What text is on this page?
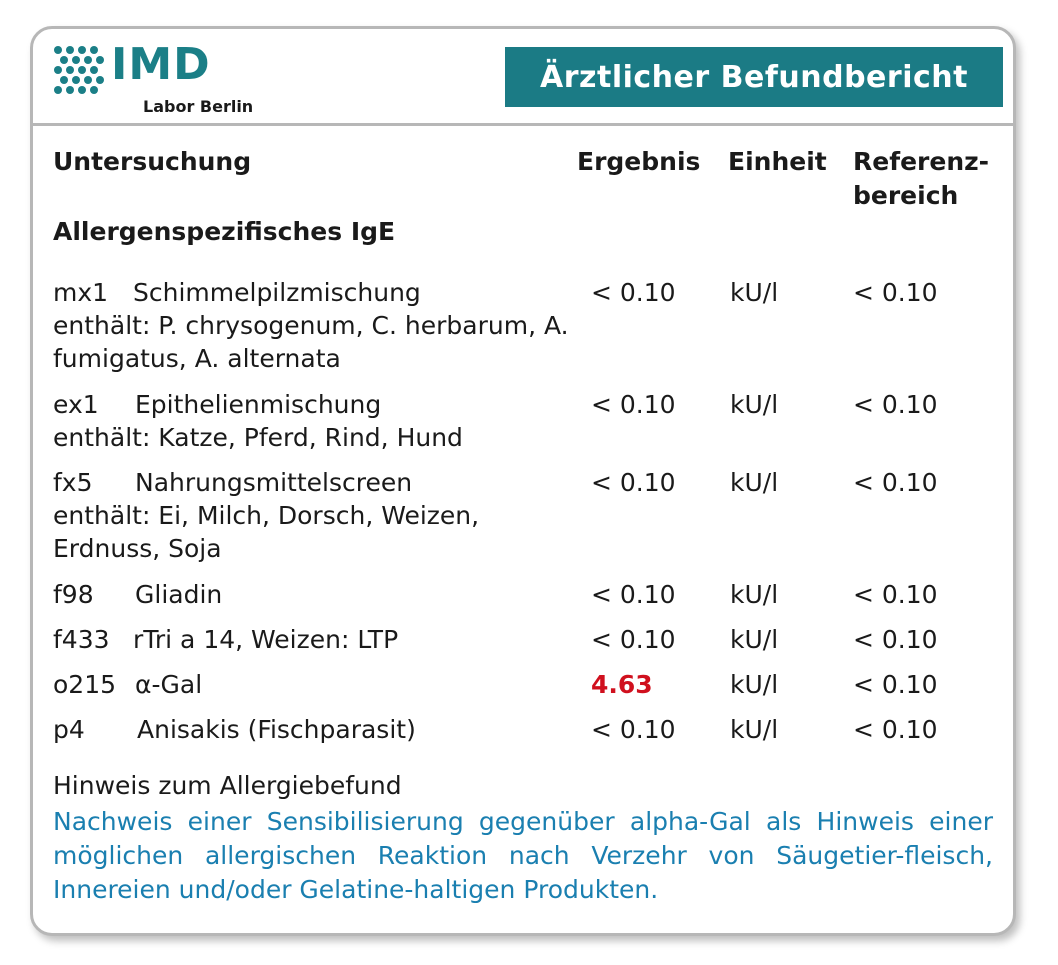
IMD
Labor Berlin
Ärztlicher Befundbericht
Untersuchung	Ergebnis Einheit Referenz-
bereich
Allergenspezifisches IgE
mx1 Schimmelpilzmischung	< 0.10 kU/l	< 0.10
enthält: P. chrysogenum, C. herbarum, A. fumigatus, A. alternata
ex1 Epithelienmischung	< 0.10 kU/l	< 0.10
enthält: Katze, Pferd, Rind, Hund
fx5 Nahrungsmittelscreen	< 0.10 kU/l	< 0.10
enthält: Ei, Milch, Dorsch, Weizen, Erdnuss, Soja
f98 Gliadin	< 0.10 kU/l	< 0.10
f433 rTri a 14, Weizen: LTP	< 0.10 kU/l	< 0.10
o215 α-Gal	4.63	kU/l	< 0.10
p4 Anisakis (Fischparasit)	< 0.10 kU/l	< 0.10
Hinweis zum Allergiebefund
Nachweis einer Sensibilisierung gegenüber alpha-Gal als Hinweis einer möglichen allergischen Reaktion nach Verzehr von Säugetier-fleisch, Innereien und/oder Gelatine-haltigen Produkten.
